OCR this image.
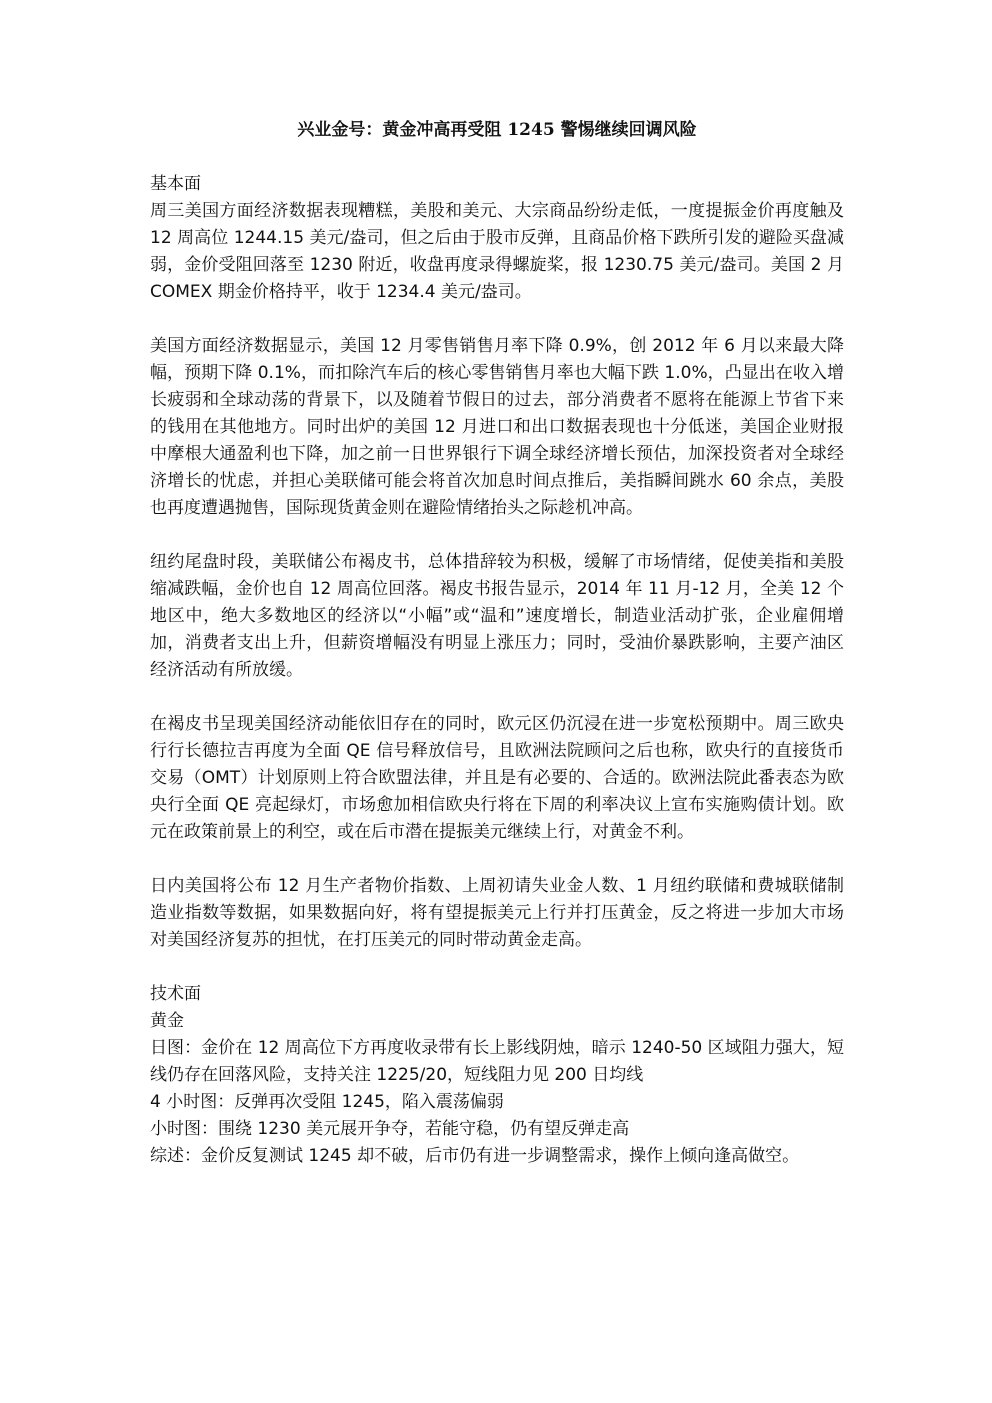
兴业金号：黄金冲高再受阻 1245 警惕继续回调风险

基本面

周三美国方面经济数据表现糟糕，美股和美元、大宗商品纷纷走低，一度提振金价再度触及 12 周高位 1244.15 美元/盎司，但之后由于股市反弹，且商品价格下跌所引发的避险买盘减弱，金价受阻回落至 1230 附近，收盘再度录得螺旋桨，报 1230.75 美元/盎司。美国 2 月 COMEX 期金价格持平，收于 1234.4 美元/盎司。

美国方面经济数据显示，美国 12 月零售销售月率下降 0.9%，创 2012 年 6 月以来最大降幅，预期下降 0.1%，而扣除汽车后的核心零售销售月率也大幅下跌 1.0%，凸显出在收入增长疲弱和全球动荡的背景下，以及随着节假日的过去，部分消费者不愿将在能源上节省下来的钱用在其他地方。同时出炉的美国 12 月进口和出口数据表现也十分低迷，美国企业财报中摩根大通盈利也下降，加之前一日世界银行下调全球经济增长预估，加深投资者对全球经济增长的忧虑，并担心美联储可能会将首次加息时间点推后，美指瞬间跳水 60 余点，美股也再度遭遇抛售，国际现货黄金则在避险情绪抬头之际趁机冲高。

纽约尾盘时段，美联储公布褐皮书，总体措辞较为积极，缓解了市场情绪，促使美指和美股缩减跌幅，金价也自 12 周高位回落。褐皮书报告显示，2014 年 11 月-12 月，全美 12 个地区中，绝大多数地区的经济以“小幅”或“温和”速度增长，制造业活动扩张，企业雇佣增加，消费者支出上升，但薪资增幅没有明显上涨压力；同时，受油价暴跌影响，主要产油区经济活动有所放缓。

在褐皮书呈现美国经济动能依旧存在的同时，欧元区仍沉浸在进一步宽松预期中。周三欧央行行长德拉吉再度为全面 QE 信号释放信号，且欧洲法院顾问之后也称，欧央行的直接货币交易（OMT）计划原则上符合欧盟法律，并且是有必要的、合适的。欧洲法院此番表态为欧央行全面 QE 亮起绿灯，市场愈加相信欧央行将在下周的利率决议上宣布实施购债计划。欧元在政策前景上的利空，或在后市潜在提振美元继续上行，对黄金不利。

日内美国将公布 12 月生产者物价指数、上周初请失业金人数、1 月纽约联储和费城联储制造业指数等数据，如果数据向好，将有望提振美元上行并打压黄金，反之将进一步加大市场对美国经济复苏的担忧，在打压美元的同时带动黄金走高。

技术面

黄金

日图：金价在 12 周高位下方再度收录带有长上影线阴烛，暗示 1240-50 区域阻力强大，短线仍存在回落风险，支持关注 1225/20，短线阻力见 200 日均线

4 小时图：反弹再次受阻 1245，陷入震荡偏弱

小时图：围绕 1230 美元展开争夺，若能守稳，仍有望反弹走高

综述：金价反复测试 1245 却不破，后市仍有进一步调整需求，操作上倾向逢高做空。
